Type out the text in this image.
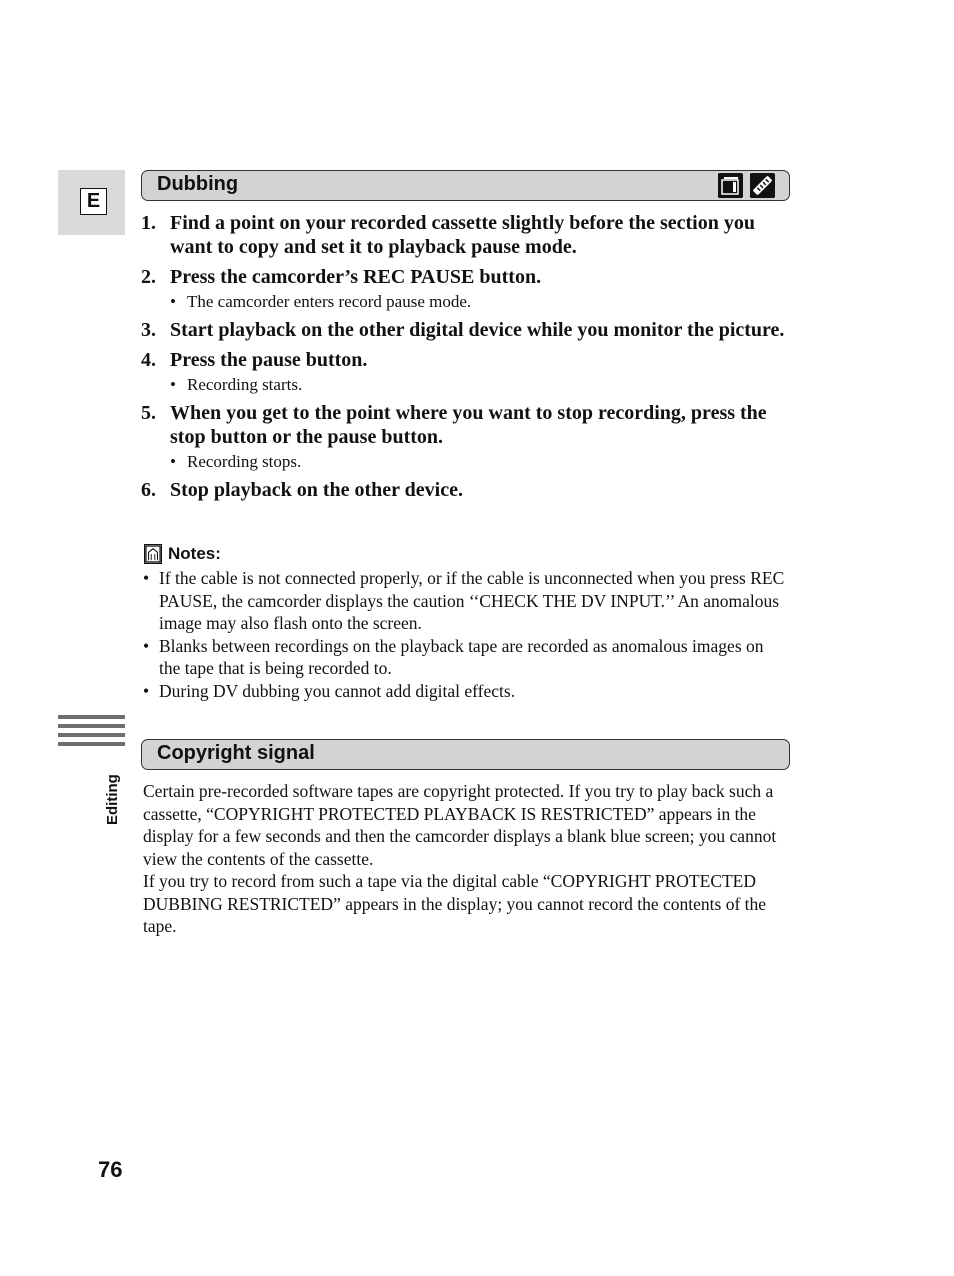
E
Dubbing
1. Find a point on your recorded cassette slightly before the section you want to copy and set it to playback pause mode.
2. Press the camcorder’s REC PAUSE button.
• The camcorder enters record pause mode.
3. Start playback on the other digital device while you monitor the picture.
4. Press the pause button.
• Recording starts.
5. When you get to the point where you want to stop recording, press the stop button or the pause button.
• Recording stops.
6. Stop playback on the other device.
Notes:
• If the cable is not connected properly, or if the cable is unconnected when you press REC PAUSE, the camcorder displays the caution ‘‘CHECK THE DV INPUT.’’ An anomalous image may also flash onto the screen.
• Blanks between recordings on the playback tape are recorded as anomalous images on the tape that is being recorded to.
• During DV dubbing you cannot add digital effects.
Editing
Copyright signal

Certain pre-recorded software tapes are copyright protected. If you try to play back such a cassette, “COPYRIGHT PROTECTED PLAYBACK IS RESTRICTED” appears in the display for a few seconds and then the camcorder displays a blank blue screen; you cannot view the contents of the cassette.

If you try to record from such a tape via the digital cable “COPYRIGHT PROTECTED DUBBING RESTRICTED” appears in the display; you cannot record the contents of the tape.

76
